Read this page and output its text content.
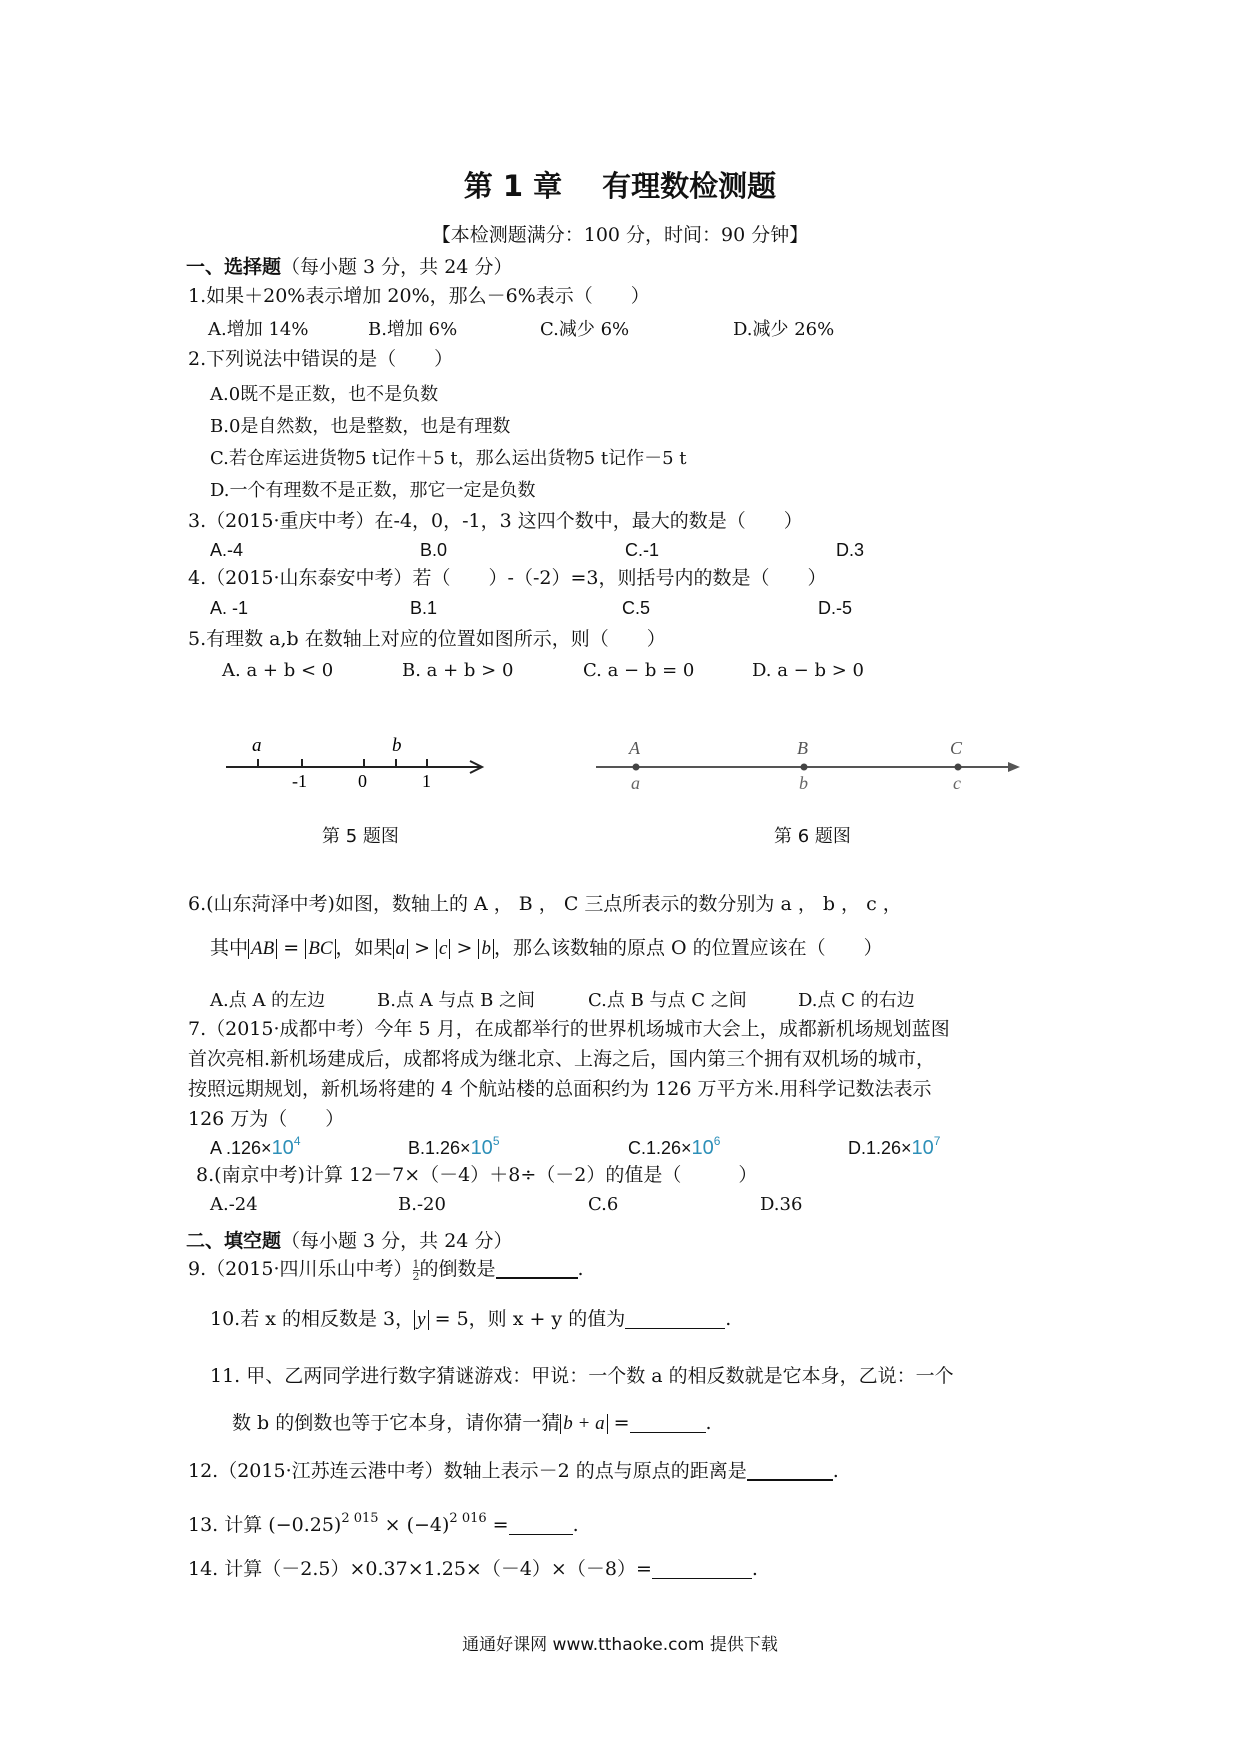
第 1 章 有理数检测题
【本检测题满分：100 分，时间：90 分钟】
一、选择题（每小题 3 分，共 24 分）
1.如果＋20%表示增加 20%，那么－6%表示（　　）
A.增加 14%	B.增加 6%	C.减少 6%	D.减少 26%
2.下列说法中错误的是（　　）
A.0既不是正数，也不是负数
B.0是自然数，也是整数，也是有理数
C.若仓库运进货物5 t记作＋5 t，那么运出货物5 t记作－5 t
D.一个有理数不是正数，那它一定是负数
3.（2015·重庆中考）在-4，0，-1，3 这四个数中，最大的数是（　　）
A.-4	B.0	C.-1	D.3
4.（2015·山东泰安中考）若（　　）-（-2）=3，则括号内的数是（　　）
A. -1	B.1	C.5	D.-5
5.有理数 a,b 在数轴上对应的位置如图所示，则（　　）
A. a + b < 0	B. a + b > 0	C. a − b = 0	D. a − b > 0
a	b
-1	0	1
第 5 题图
A	B	C
a	b	c
第 6 题图
6.(山东菏泽中考)如图，数轴上的 A ， B ， C 三点所表示的数分别为 a ， b ， c ，
其中 AB = BC ，如果 a > c > b ，那么该数轴的原点 O 的位置应该在（　　）
A.点 A 的左边	B.点 A 与点 B 之间	C.点 B 与点 C 之间	D.点 C 的右边
7.（2015·成都中考）今年 5 月，在成都举行的世界机场城市大会上，成都新机场规划蓝图
首次亮相.新机场建成后，成都将成为继北京、上海之后，国内第三个拥有双机场的城市，
按照远期规划，新机场将建的 4 个航站楼的总面积约为 126 万平方米.用科学记数法表示
126 万为（　　）
A $.126\times 10^4$	$B.1.26\times 10^5$	$C.1.26\times 10^6$	$D.1.26\times 10^7$
8.(南京中考)计算 12－7×（－4）＋8÷（－2）的值是（　　　）
A.-24	B.-20	C.6	D.36
二、填空题（每小题 3 分，共 24 分）
9.（2015·四川乐山中考） $\frac{1}{2}$ 的倒数是	.
10.若 x 的相反数是 3， y = 5，则 x + y 的值为	.
11. 甲、乙两同学进行数字猜谜游戏：甲说：一个数 a 的相反数就是它本身，乙说：一个
数 b 的倒数也等于它本身，请你猜一猜 b + a =	.
12.（2015·江苏连云港中考）数轴上表示－2 的点与原点的距离是	.
13. 计算 $(-0.25)^{2 015} \times (-4)^{2 016}$ =	.
14. 计算（－2.5）×0.37×1.25×（－4）×（－8）=	.
通通好课网 www.tthaoke.com 提供下载
